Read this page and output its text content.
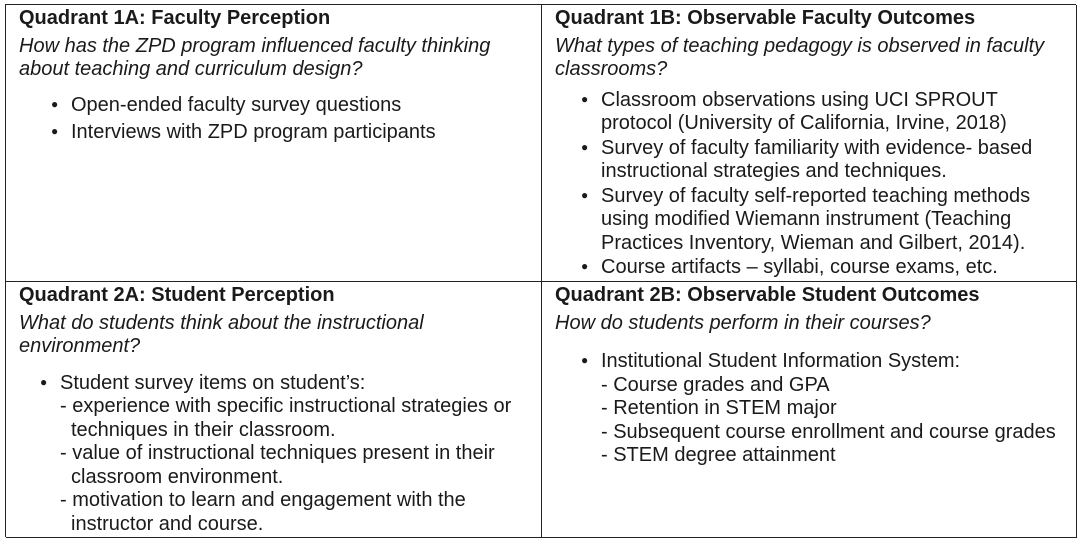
Quadrant 1A: Faculty Perception

How has the ZPD program influenced faculty thinking about teaching and curriculum design?

●
Open-ended faculty survey questions
●
Interviews with ZPD program participants

Quadrant 1B: Observable Faculty Outcomes

What types of teaching pedagogy is observed in faculty classrooms?

●
Classroom observations using UCI SPROUT protocol (University of California, Irvine, 2018)
●
Survey of faculty familiarity with evidence- based instructional strategies and techniques.
●
Survey of faculty self-reported teaching methods using modified Wiemann instrument (Teaching Practices Inventory, Wieman and Gilbert, 2014).
●
Course artifacts – syllabi, course exams, etc.

Quadrant 2A: Student Perception

What do students think about the instructional environment?

●
Student survey items on student’s:
- experience with specific instructional strategies or techniques in their classroom.
- value of instructional techniques present in their classroom environment.
- motivation to learn and engagement with the instructor and course.

Quadrant 2B: Observable Student Outcomes

How do students perform in their courses?

●
Institutional Student Information System:
- Course grades and GPA
- Retention in STEM major
- Subsequent course enrollment and course grades
- STEM degree attainment
